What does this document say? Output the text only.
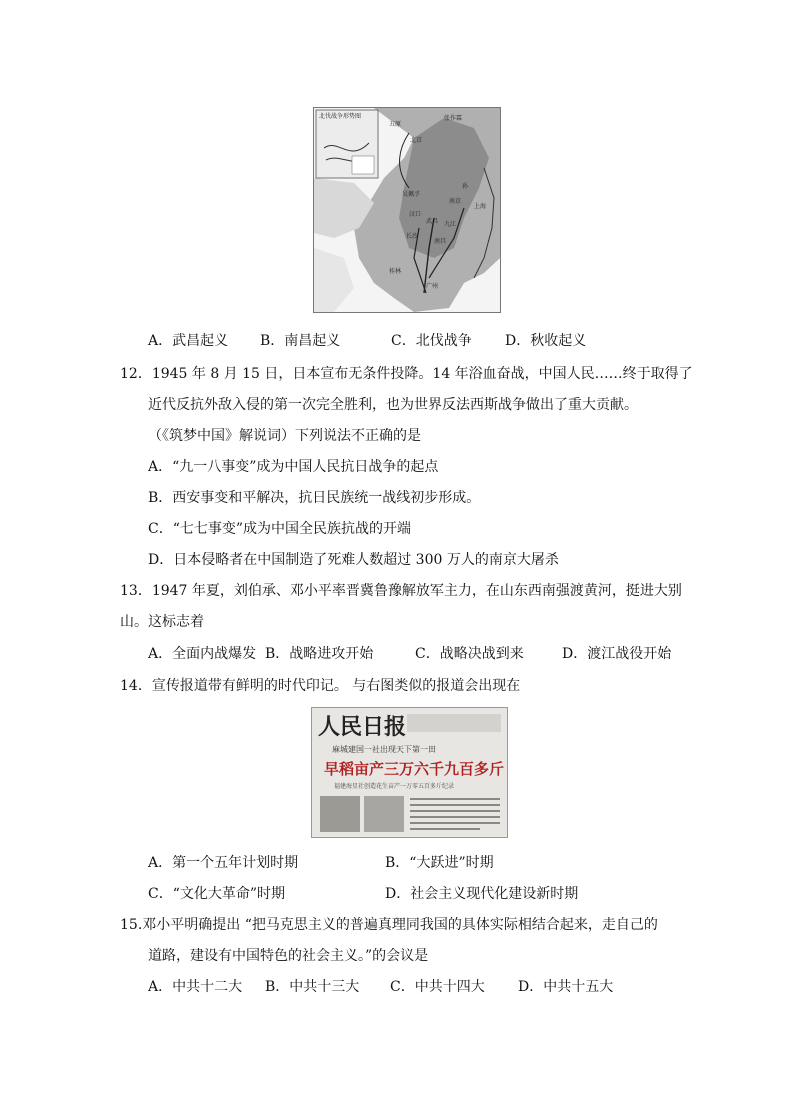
北京
南京
上海
汉口
武昌
长沙
南昌
九江
桂林
广州
吴佩孚
孙
张作霖
五原
北伐战争形势图
A．武昌起义 B．南昌起义	C．北伐战争 D．秋收起义
12．1945 年 8 月 15 日，日本宣布无条件投降。14 年浴血奋战，中国人民……终于取得了
近代反抗外敌入侵的第一次完全胜利，也为世界反法西斯战争做出了重大贡献。
（《筑梦中国》解说词）下列说法不正确的是
A．“九一八事变”成为中国人民抗日战争的起点
B．西安事变和平解决，抗日民族统一战线初步形成。
C．“七七事变”成为中国全民族抗战的开端
D．日本侵略者在中国制造了死难人数超过 300 万人的南京大屠杀
13．1947 年夏，刘伯承、邓小平率晋冀鲁豫解放军主力，在山东西南强渡黄河，挺进大别
山。这标志着
A．全面内战爆发 B．战略进攻开始	C．战略决战到来	D．渡江战役开始
14．宣传报道带有鲜明的时代印记。 与右图类似的报道会出现在
人民日报
麻城建国一社出现天下第一田
早稻亩产三万六千九百多斤
福建海星社创造花生亩产一万零五百多斤纪录
A．第一个五年计划时期	B．“大跃进”时期
C．“文化大革命”时期	D．社会主义现代化建设新时期
15.邓小平明确提出 “把马克思主义的普遍真理同我国的具体实际相结合起来，走自己的
道路，建设有中国特色的社会主义。”的会议是
A．中共十二大 B．中共十三大 C．中共十四大 D．中共十五大
